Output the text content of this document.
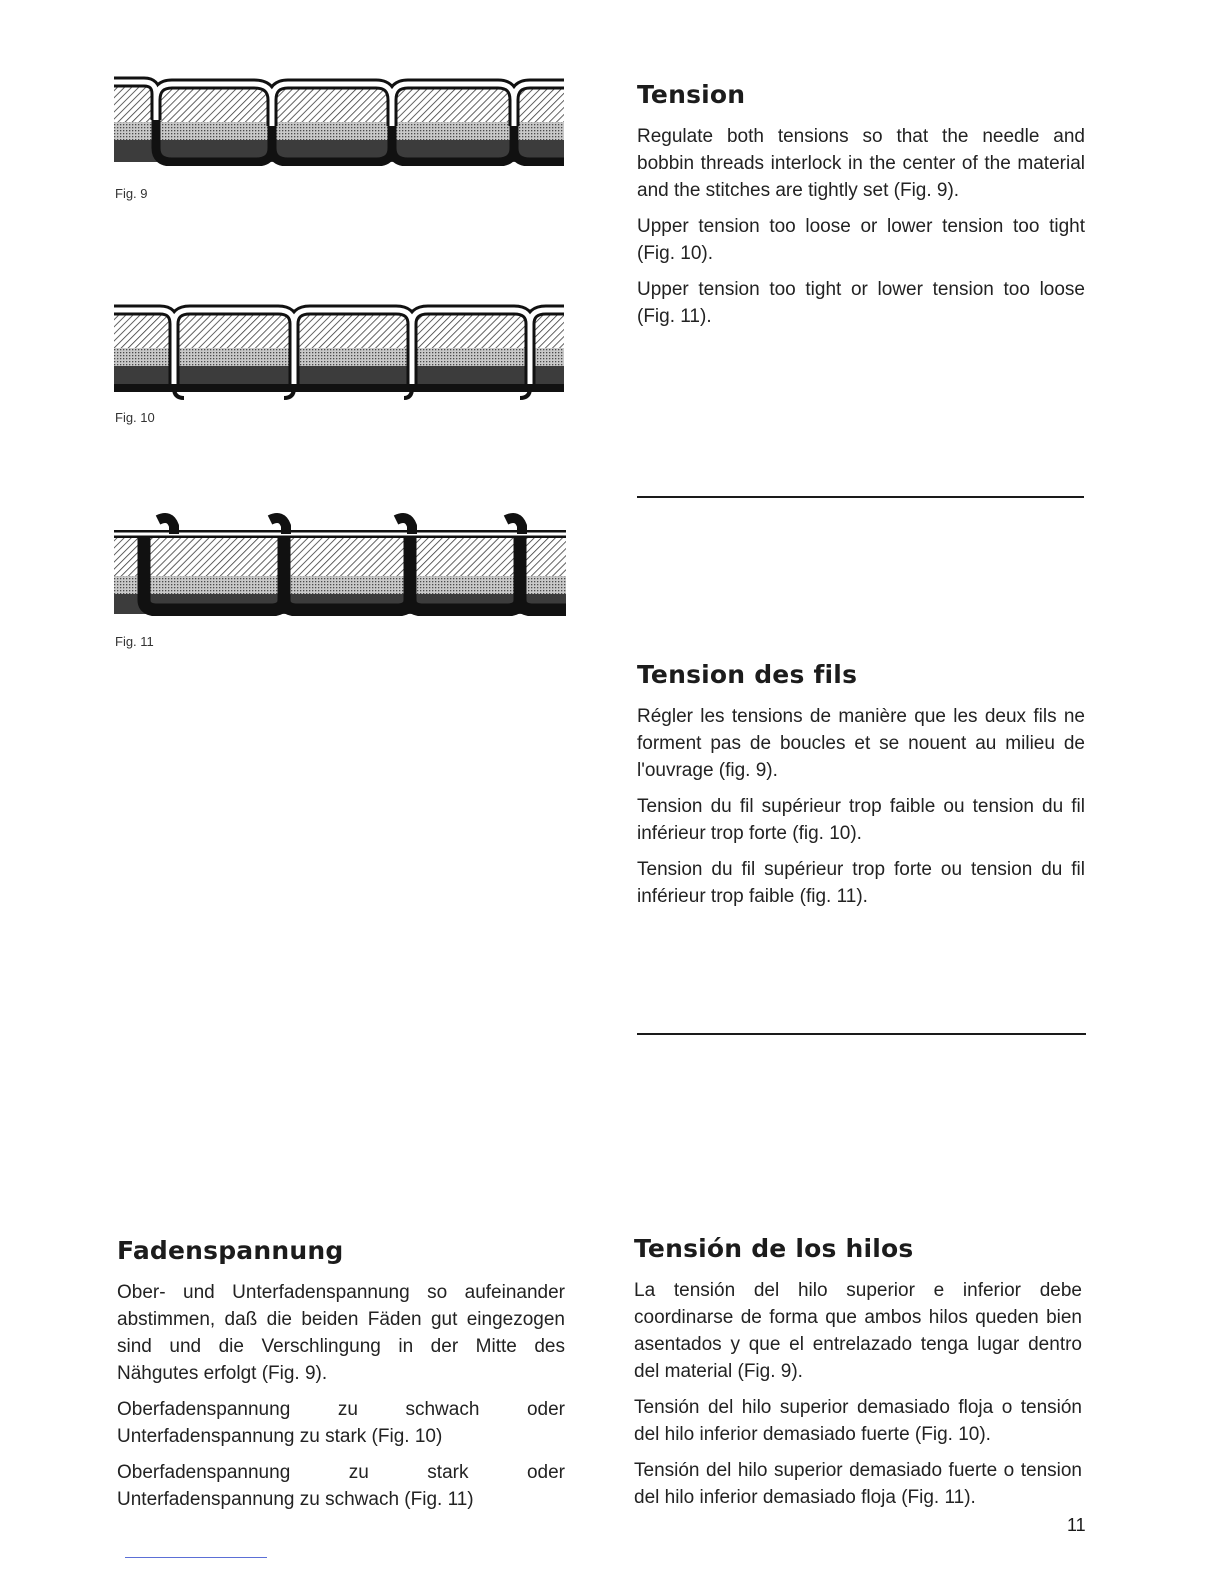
Fig. 9
Fig. 10
Fig. 11
Tension

Regulate both tensions so that the needle and bobbin threads interlock in the center of the material and the stitches are tightly set (Fig. 9).

Upper tension too loose or lower tension too tight (Fig. 10).

Upper tension too tight or lower tension too loose (Fig. 11).

Tension des fils

Régler les tensions de manière que les deux fils ne forment pas de boucles et se nouent au milieu de l'ouvrage (fig. 9).

Tension du fil supérieur trop faible ou tension du fil inférieur trop forte (fig. 10).

Tension du fil supérieur trop forte ou tension du fil inférieur trop faible (fig. 11).

Fadenspannung

Ober- und Unterfadenspannung so aufeinander abstimmen, daß die beiden Fäden gut eingezogen sind und die Verschlingung in der Mitte des Nähgutes erfolgt (Fig. 9).

Oberfadenspannung zu schwach oder Unterfadenspannung zu stark (Fig. 10)

Oberfadenspannung zu stark oder Unterfadenspannung zu schwach (Fig. 11)

Tensión de los hilos

La tensión del hilo superior e inferior debe coordinarse de forma que ambos hilos queden bien asentados y que el entrelazado tenga lugar dentro del material (Fig. 9).

Tensión del hilo superior demasiado floja o tensión del hilo inferior demasiado fuerte (Fig. 10).

Tensión del hilo superior demasiado fuerte o tension del hilo inferior demasiado floja (Fig. 11).

11
